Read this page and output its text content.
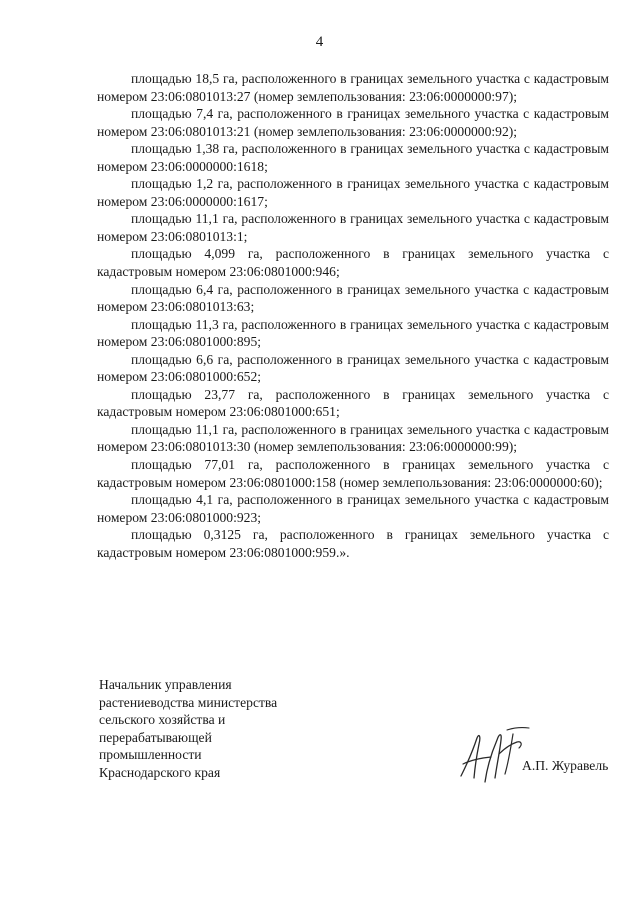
4

площадью 18,5 га, расположенного в границах земельного участка с кадастровым номером 23:06:0801013:27 (номер землепользования: 23:06:0000000:97);

площадью 7,4 га, расположенного в границах земельного участка с кадастровым номером 23:06:0801013:21 (номер землепользования: 23:06:0000000:92);

площадью 1,38 га, расположенного в границах земельного участка с кадастровым номером 23:06:0000000:1618;

площадью 1,2 га, расположенного в границах земельного участка с кадастровым номером 23:06:0000000:1617;

площадью 11,1 га, расположенного в границах земельного участка с кадастровым номером 23:06:0801013:1;

площадью 4,099 га, расположенного в границах земельного участка с кадастровым номером 23:06:0801000:946;

площадью 6,4 га, расположенного в границах земельного участка с кадастровым номером 23:06:0801013:63;

площадью 11,3 га, расположенного в границах земельного участка с кадастровым номером 23:06:0801000:895;

площадью 6,6 га, расположенного в границах земельного участка с кадастровым номером 23:06:0801000:652;

площадью 23,77 га, расположенного в границах земельного участка с кадастровым номером 23:06:0801000:651;

площадью 11,1 га, расположенного в границах земельного участка с кадастровым номером 23:06:0801013:30 (номер землепользования: 23:06:0000000:99);

площадью 77,01 га, расположенного в границах земельного участка с кадастровым номером 23:06:0801000:158 (номер землепользования: 23:06:0000000:60);

площадью 4,1 га, расположенного в границах земельного участка с кадастровым номером 23:06:0801000:923;

площадью 0,3125 га, расположенного в границах земельного участка с кадастровым номером 23:06:0801000:959.».

Начальник управления
растениеводства министерства
сельского хозяйства и
перерабатывающей
промышленности
Краснодарского края	А.П. Журавель
